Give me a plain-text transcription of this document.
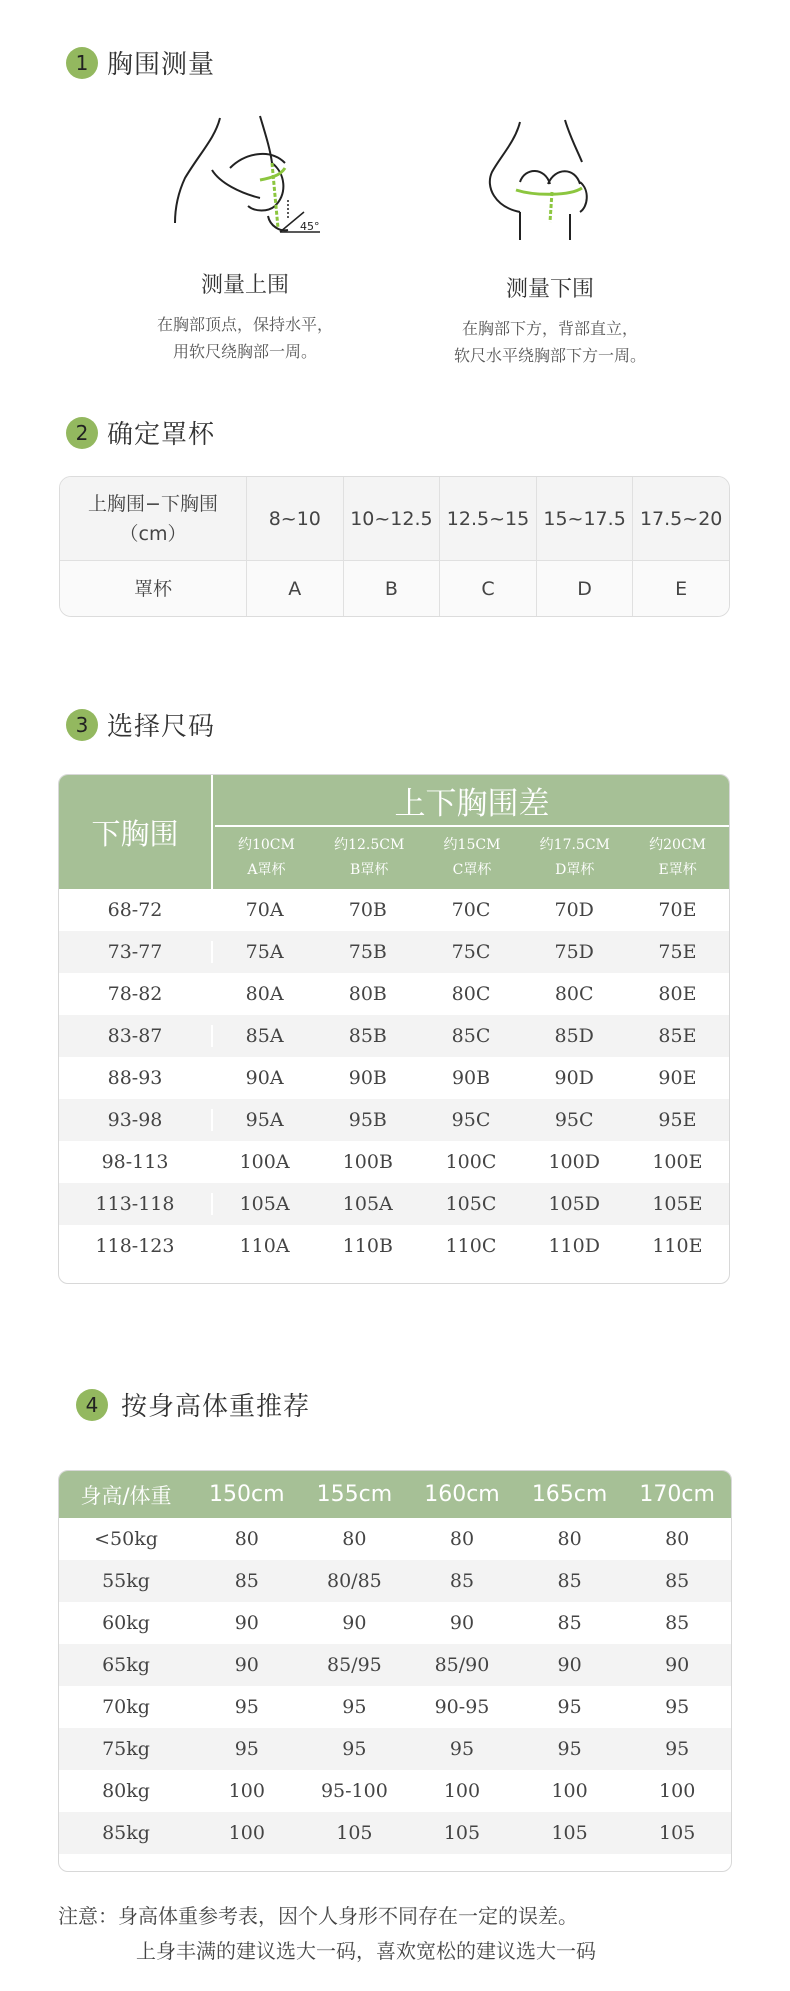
1 胸围测量
45°
测量上围
在胸部顶点，保持水平，
用软尺绕胸部一周。
测量下围
在胸部下方，背部直立，
软尺水平绕胸部下方一周。
2 确定罩杯
上胸围−下胸围
（cm）
8~10	10~12.5 12.5~15 15~17.5 17.5~20
罩杯	A	B	C	D	E
3 选择尺码
下胸围
上下胸围差
约10CM
A罩杯
约12.5CM
B罩杯
约15CM
C罩杯
约17.5CM
D罩杯
约20CM
E罩杯
68-72	70A	70B	70C	70D	70E
73-77	75A	75B	75C	75D	75E
78-82	80A	80B	80C	80C	80E
83-87	85A	85B	85C	85D	85E
88-93	90A	90B	90B	90D	90E
93-98	95A	95B	95C	95C	95E
98-113	100A	100B	100C	100D	100E
113-118	105A	105A	105C	105D	105E
118-123	110A	110B	110C	110D	110E
4 按身高体重推荐
身高/体重	150cm	155cm	160cm	165cm	170cm
<50kg	80	80	80	80	80
55kg	85	80/85	85	85	85
60kg	90	90	90	85	85
65kg	90	85/95	85/90	90	90
70kg	95	95	90-95	95	95
75kg	95	95	95	95	95
80kg	100	95-100	100	100	100
85kg	100	105	105	105	105
注意：身高体重参考表，因个人身形不同存在一定的误差。
上身丰满的建议选大一码，喜欢宽松的建议选大一码
